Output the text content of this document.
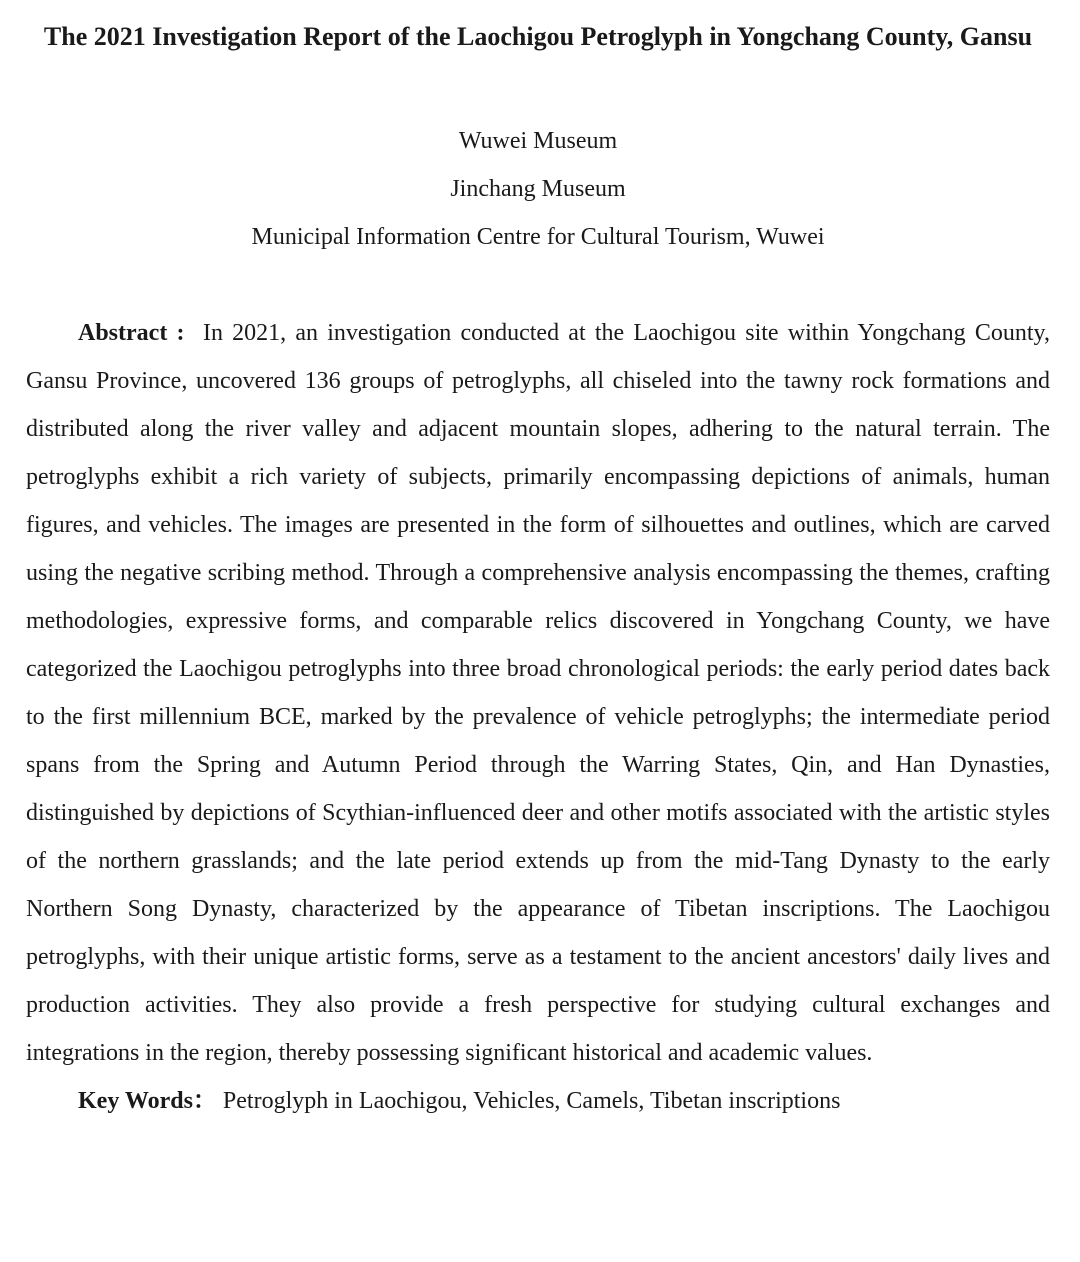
The 2021 Investigation Report of the Laochigou Petroglyph in Yongchang County, Gansu
Wuwei Museum
Jinchang Museum
Municipal Information Centre for Cultural Tourism, Wuwei

Abstract : In 2021, an investigation conducted at the Laochigou site within Yongchang County, Gansu Province, uncovered 136 groups of petroglyphs, all chiseled into the tawny rock formations and distributed along the river valley and adjacent mountain slopes, adhering to the natural terrain. The petroglyphs exhibit a rich variety of subjects, primarily encompassing depictions of animals, human figures, and vehicles. The images are presented in the form of silhouettes and outlines, which are carved using the negative scribing method. Through a comprehensive analysis encompassing the themes, crafting methodologies, expressive forms, and comparable relics discovered in Yongchang County, we have categorized the Laochigou petroglyphs into three broad chronological periods: the early period dates back to the first millennium BCE, marked by the prevalence of vehicle petroglyphs; the intermediate period spans from the Spring and Autumn Period through the Warring States, Qin, and Han Dynasties, distinguished by depictions of Scythian-influenced deer and other motifs associated with the artistic styles of the northern grasslands; and the late period extends up from the mid-Tang Dynasty to the early Northern Song Dynasty, characterized by the appearance of Tibetan inscriptions. The Laochigou petroglyphs, with their unique artistic forms, serve as a testament to the ancient ancestors' daily lives and production activities. They also provide a fresh perspective for studying cultural exchanges and integrations in the region, thereby possessing significant historical and academic values.

Key Words： Petroglyph in Laochigou, Vehicles, Camels, Tibetan inscriptions
